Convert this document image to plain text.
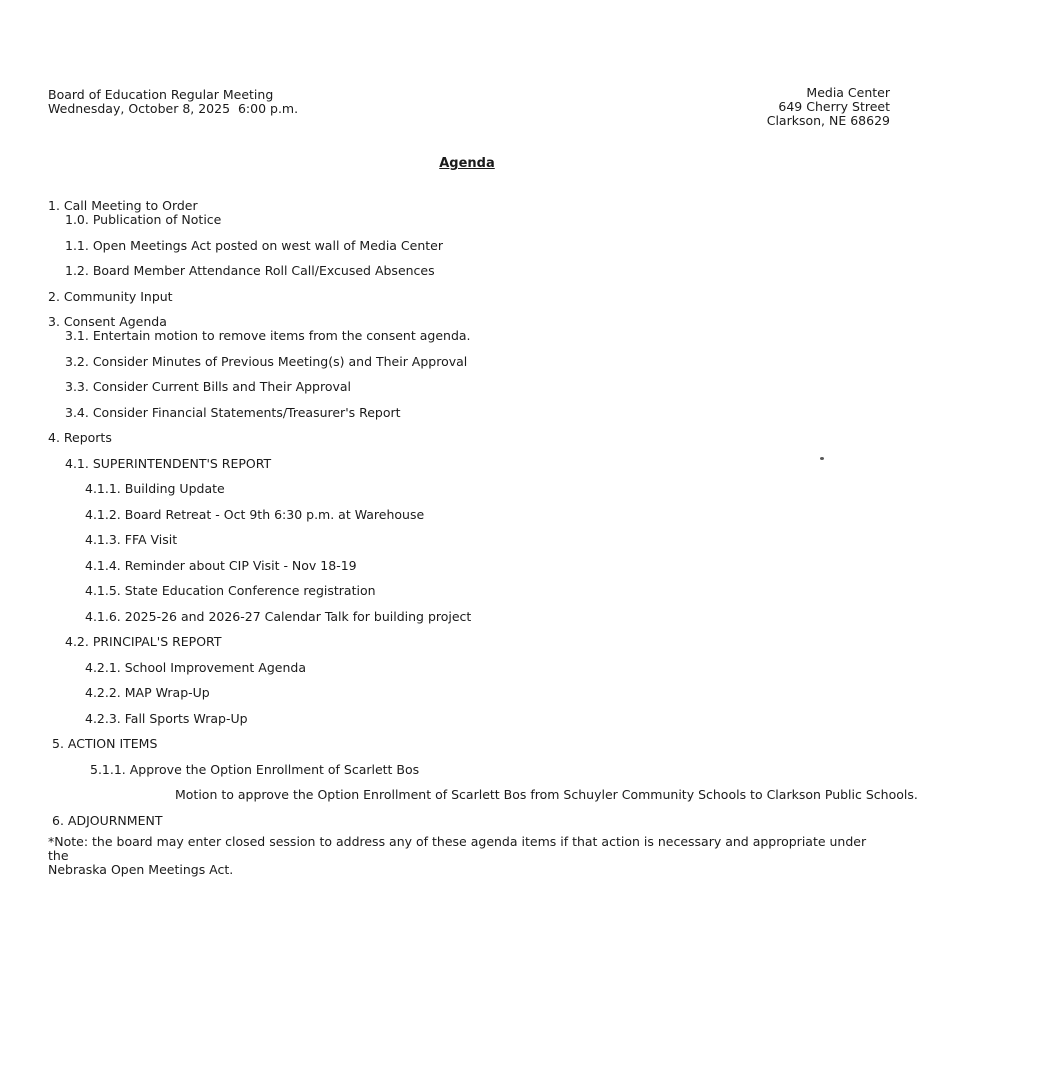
Board of Education Regular Meeting
Wednesday, October 8, 2025  6:00 p.m.
Media Center
649 Cherry Street
Clarkson, NE 68629
Agenda
1. Call Meeting to Order
1.0. Publication of Notice
1.1. Open Meetings Act posted on west wall of Media Center
1.2. Board Member Attendance Roll Call/Excused Absences
2. Community Input
3. Consent Agenda
3.1. Entertain motion to remove items from the consent agenda.
3.2. Consider Minutes of Previous Meeting(s) and Their Approval
3.3. Consider Current Bills and Their Approval
3.4. Consider Financial Statements/Treasurer's Report
4. Reports
4.1. SUPERINTENDENT'S REPORT
4.1.1. Building Update
4.1.2. Board Retreat - Oct 9th 6:30 p.m. at Warehouse
4.1.3. FFA Visit
4.1.4. Reminder about CIP Visit - Nov 18-19
4.1.5. State Education Conference registration
4.1.6. 2025-26 and 2026-27 Calendar Talk for building project
4.2. PRINCIPAL'S REPORT
4.2.1. School Improvement Agenda
4.2.2. MAP Wrap-Up
4.2.3. Fall Sports Wrap-Up
5. ACTION ITEMS
5.1.1. Approve the Option Enrollment of Scarlett Bos
Motion to approve the Option Enrollment of Scarlett Bos from Schuyler Community Schools to Clarkson Public Schools.
6. ADJOURNMENT
*Note: the board may enter closed session to address any of these agenda items if that action is necessary and appropriate under the
Nebraska Open Meetings Act.
